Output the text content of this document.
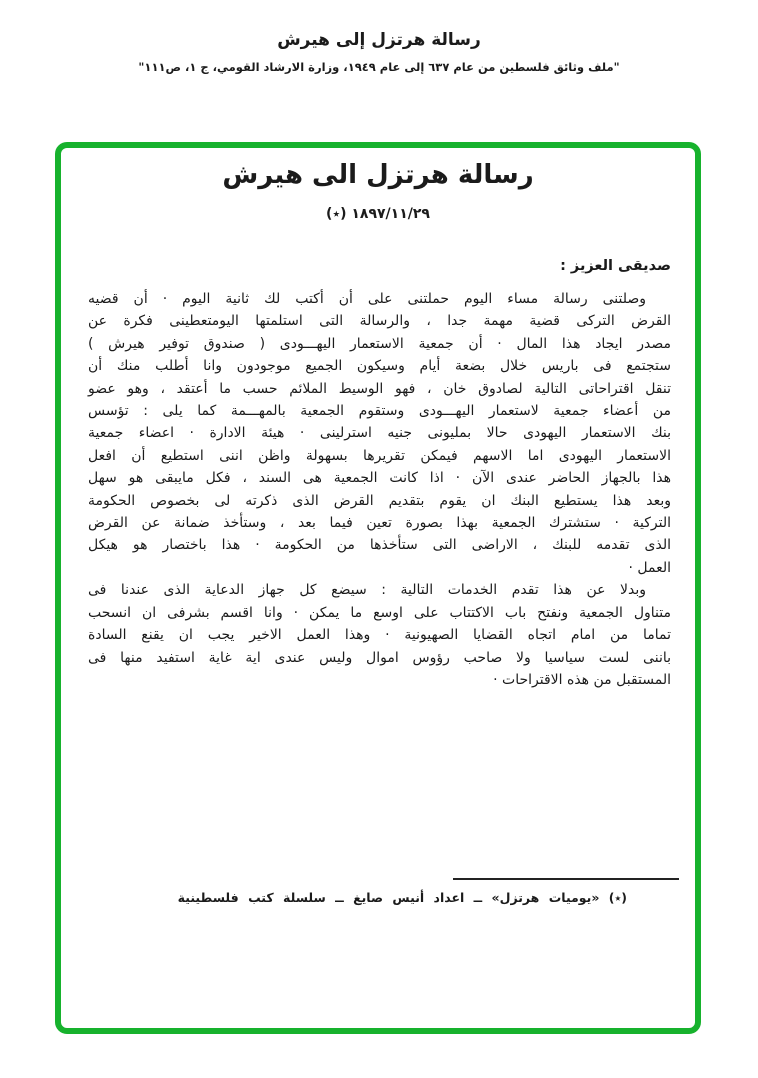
رسالة هرتزل إلى هيرش
"ملف وثائق فلسطين من عام ٦٣٧ إلى عام ١٩٤٩، وزارة الارشاد القومي، ج ١، ص١١١"
رسالة هرتزل الى هيرش
١٨٩٧/١١/٢٩ (٭)
صديقى العزيز :
وصلتنى رسالة مساء اليوم حملتنى على أن أكتب لك ثانية اليوم · أن قضيه
القرض التركى قضية مهمة جدا ، والرسالة التى استلمتها اليومتعطينى فكرة عن
مصدر ايجاد هذا المال · أن جمعية الاستعمار اليهـــودى ( صندوق توفير هيرش )
ستجتمع فى باريس خلال بضعة أيام وسيكون الجميع موجودون وانا أطلب منك أن
تنقل اقتراحاتى التالية لصادوق خان ، فهو الوسيط الملائم حسب ما أعتقد ، وهو عضو
من أعضاء جمعية لاستعمار اليهـــودى وستقوم الجمعية بالمهـــمة كما يلى : تؤسس
بنك الاستعمار اليهودى حالا بمليونى جنيه استرلينى · هيئة الادارة · اعضاء جمعية
الاستعمار اليهودى اما الاسهم فيمكن تقريرها بسهولة واظن اننى استطيع أن افعل
هذا بالجهاز الحاضر عندى الآن · اذا كانت الجمعية هى السند ، فكل مايبقى هو سهل
وبعد هذا يستطيع البنك ان يقوم بتقديم القرض الذى ذكرته لى بخصوص الحكومة
التركية · ستشترك الجمعية بهذا بصورة تعين فيما بعد ، وستأخذ ضمانة عن القرض
الذى تقدمه للبنك ، الاراضى التى ستأخذها من الحكومة · هذا باختصار هو هيكل
العمل ·
وبدلا عن هذا تقدم الخدمات التالية : سيضع كل جهاز الدعاية الذى عندنا فى
متناول الجمعية ونفتح باب الاكتتاب على اوسع ما يمكن · وانا اقسم بشرفى ان انسحب
تماما من امام اتجاه القضايا الصهيونية · وهذا العمل الاخير يجب ان يقنع السادة
باننى لست سياسيا ولا صاحب رؤوس اموال وليس عندى اية غاية استفيد منها فى
المستقبل من هذه الاقتراحات ·
(٭) «يوميات هرتزل» ــ اعداد أنيس صايغ ــ سلسلة كتب فلسطينية
